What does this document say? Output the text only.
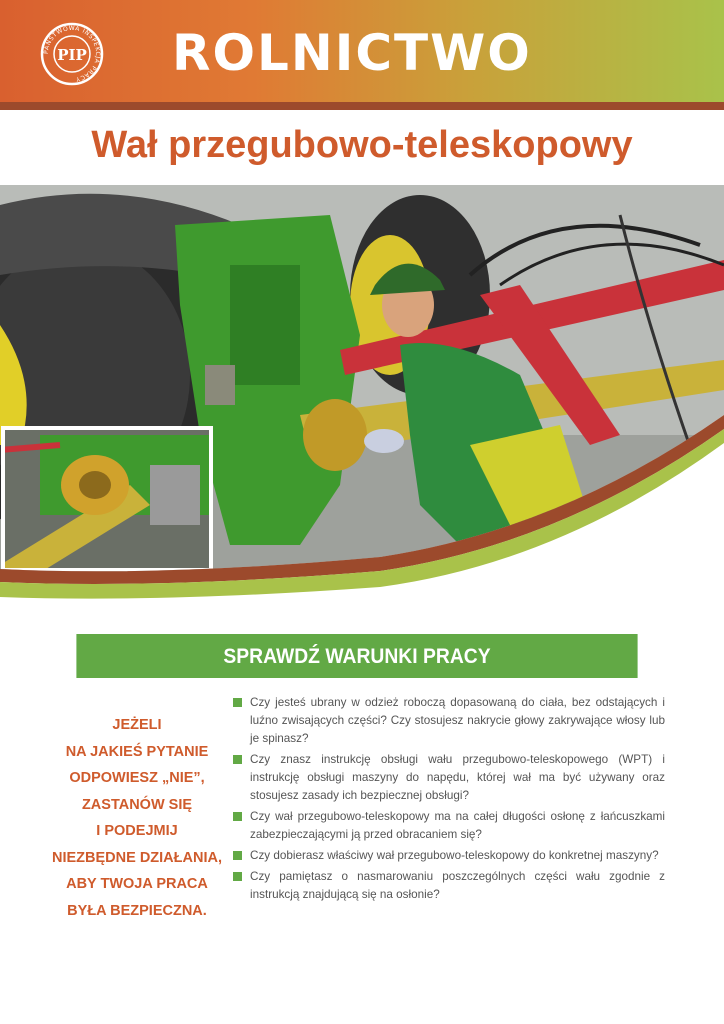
PAŃSTWOWA INSPEKCJA PRACY
PIP ROLNICTWO
Wał przegubowo-teleskopowy
SPRAWDŹ WARUNKI PRACY
JEŻELI
NA JAKIEŚ PYTANIE
ODPOWIESZ „NIE”,
ZASTANÓW SIĘ
I PODEJMIJ
NIEZBĘDNE DZIAŁANIA,
ABY TWOJA PRACA
BYŁA BEZPIECZNA.
Czy jesteś ubrany w odzież roboczą dopasowaną do ciała, bez odstających i luźno zwisających części? Czy stosujesz nakrycie głowy zakrywające włosy lub je spinasz?
Czy znasz instrukcję obsługi wału przegubowo-teleskopowego (WPT) i instrukcję obsługi maszyny do napędu, której wał ma być używany oraz stosujesz zasady ich bezpiecznej obsługi?
Czy wał przegubowo-teleskopowy ma na całej długości osłonę z łańcuszkami zabezpieczającymi ją przed obracaniem się?
Czy dobierasz właściwy wał przegubowo-teleskopowy do konkretnej maszyny?
Czy pamiętasz o nasmarowaniu poszczególnych części wału zgodnie z instrukcją znajdującą się na osłonie?
